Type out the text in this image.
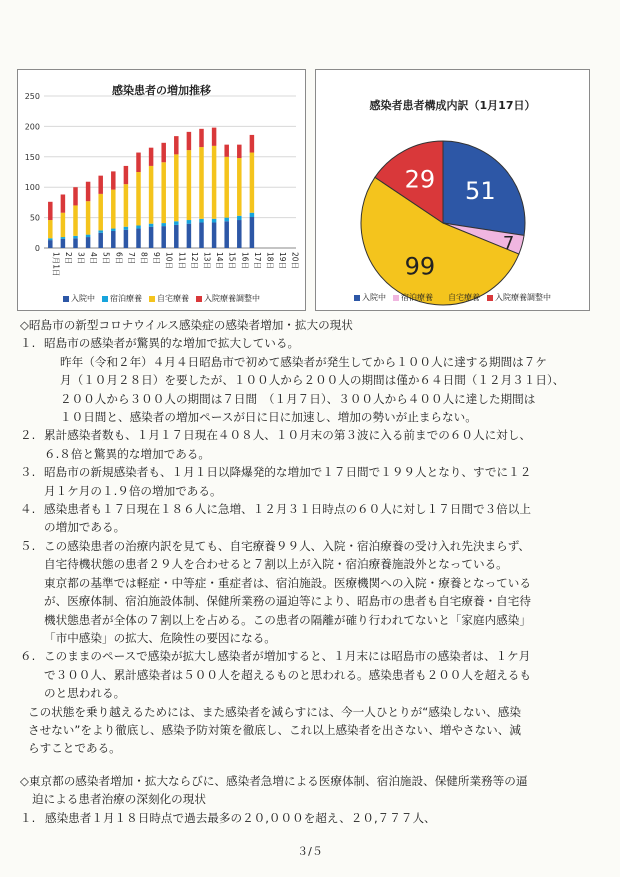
感染患者の増加推移
0
50
100
150
200
250
1月1日 2日 3日 4日 5日 6日 7日 8日 9日 10日 11日 12日 13日 14日 15日 16日 17日 18日 19日 20日
入院中 宿泊療養 自宅療養 入院療養調整中
感染者患者構成内訳（1月17日）
51
7
99
29
入院中 宿泊療養 自宅療養 入院療養調整中
◇昭島市の新型コロナウイルス感染症の感染者増加・拡大の現状
１. 昭島市の感染者が驚異的な増加で拡大している。
昨年（令和２年）４月４日昭島市で初めて感染者が発生してから１００人に達する期間は７ケ
月（１０月２８日）を要したが、１００人から２００人の期間は僅か６４日間（１２月３１日）、
２００人から３００人の期間は７日間　（１月７日）、３００人から４００人に達した期間は
１０日間と、感染者の増加ペースが日に日に加速し、増加の勢いが止まらない。
２. 累計感染者数も、１月１７日現在４０８人、１０月末の第３波に入る前までの６０人に対し、
６.８倍と驚異的な増加である。
３. 昭島市の新規感染者も、１月１日以降爆発的な増加で１７日間で１９９人となり、すでに１２
月１ケ月の１.９倍の増加である。
４. 感染患者も１７日現在１８６人に急増、１２月３１日時点の６０人に対し１７日間で３倍以上
の増加である。
５. この感染患者の治療内訳を見ても、自宅療養９９人、入院・宿泊療養の受け入れ先決まらず、
自宅待機状態の患者２９人を合わせると７割以上が入院・宿泊療養施設外となっている。
東京都の基準では軽症・中等症・重症者は、宿泊施設。医療機関への入院・療養となっている
が、医療体制、宿泊施設体制、保健所業務の逼迫等により、昭島市の患者も自宅療養・自宅待
機状態患者が全体の７割以上を占める。この患者の隔離が確り行われてないと「家庭内感染」
「市中感染」の拡大、危険性の要因になる。
６. このままのペースで感染が拡大し感染者が増加すると、１月末には昭島市の感染者は、１ケ月
で３００人、累計感染者は５００人を超えるものと思われる。感染患者も２００人を超えるも
のと思われる。
この状態を乗り越えるためには、また感染者を減らすには、今一人ひとりが“感染しない、感染
させない”をより徹底し、感染予防対策を徹底し、これ以上感染者を出さない、増やさない、減
らすことである。
◇東京都の感染者増加・拡大ならびに、感染者急増による医療体制、宿泊施設、保健所業務等の逼
迫による患者治療の深刻化の現状
１. 感染患者１月１８日時点で過去最多の２０,０００を超え、２０,７７７人、
３/５
